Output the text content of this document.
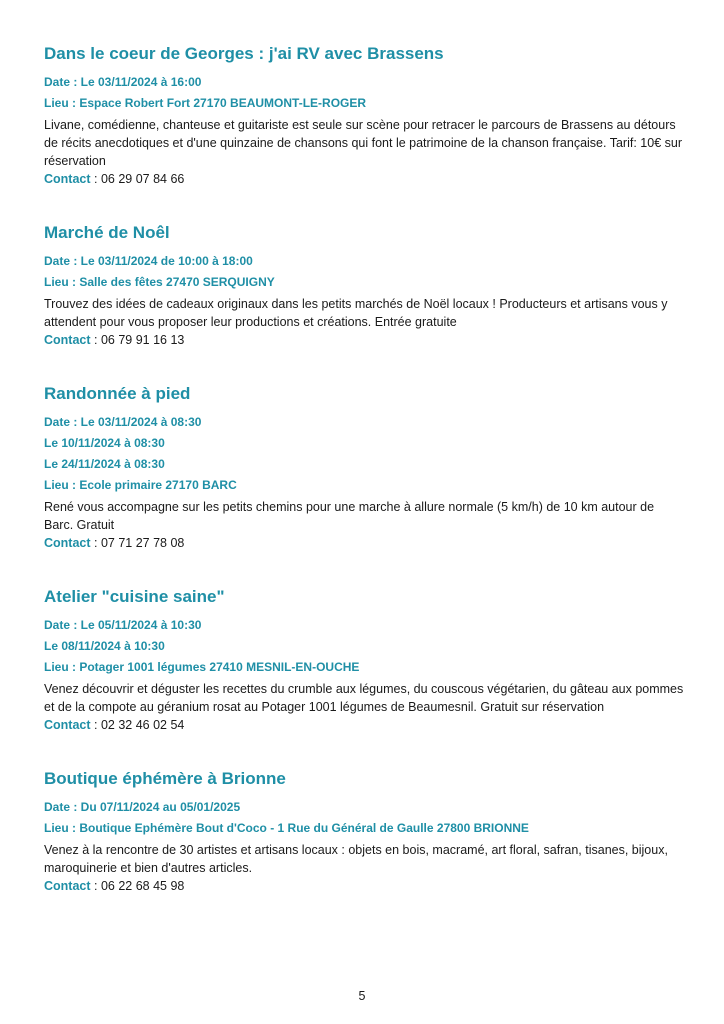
Dans le coeur de Georges : j'ai RV avec Brassens
Date : Le 03/11/2024 à 16:00
Lieu : Espace Robert Fort 27170 BEAUMONT-LE-ROGER

Livane, comédienne, chanteuse et guitariste est seule sur scène pour retracer le parcours de Brassens au détours de récits anecdotiques et d'une quinzaine de chansons qui font le patrimoine de la chanson française. Tarif: 10€ sur réservation

Contact : 06 29 07 84 66
Marché de Noêl
Date : Le 03/11/2024 de 10:00 à 18:00
Lieu : Salle des fêtes 27470 SERQUIGNY

Trouvez des idées de cadeaux originaux dans les petits marchés de Noël locaux ! Producteurs et artisans vous y attendent pour vous proposer leur productions et créations. Entrée gratuite

Contact : 06 79 91 16 13
Randonnée à pied
Date : Le 03/11/2024 à 08:30
Le 10/11/2024 à 08:30
Le 24/11/2024 à 08:30
Lieu : Ecole primaire 27170 BARC

René vous accompagne sur les petits chemins pour une marche à allure normale (5 km/h) de 10 km autour de Barc. Gratuit

Contact : 07 71 27 78 08
Atelier "cuisine saine"
Date : Le 05/11/2024 à 10:30
Le 08/11/2024 à 10:30
Lieu : Potager 1001 légumes 27410 MESNIL-EN-OUCHE

Venez découvrir et déguster les recettes du crumble aux légumes, du couscous végétarien, du gâteau aux pommes et de la compote au géranium rosat au Potager 1001 légumes de Beaumesnil. Gratuit sur réservation

Contact : 02 32 46 02 54
Boutique éphémère à Brionne
Date : Du 07/11/2024 au 05/01/2025
Lieu : Boutique Ephémère Bout d'Coco - 1 Rue du Général de Gaulle 27800 BRIONNE

Venez à la rencontre de 30 artistes et artisans locaux : objets en bois, macramé, art floral, safran, tisanes, bijoux, maroquinerie et bien d'autres articles.

Contact : 06 22 68 45 98
5
